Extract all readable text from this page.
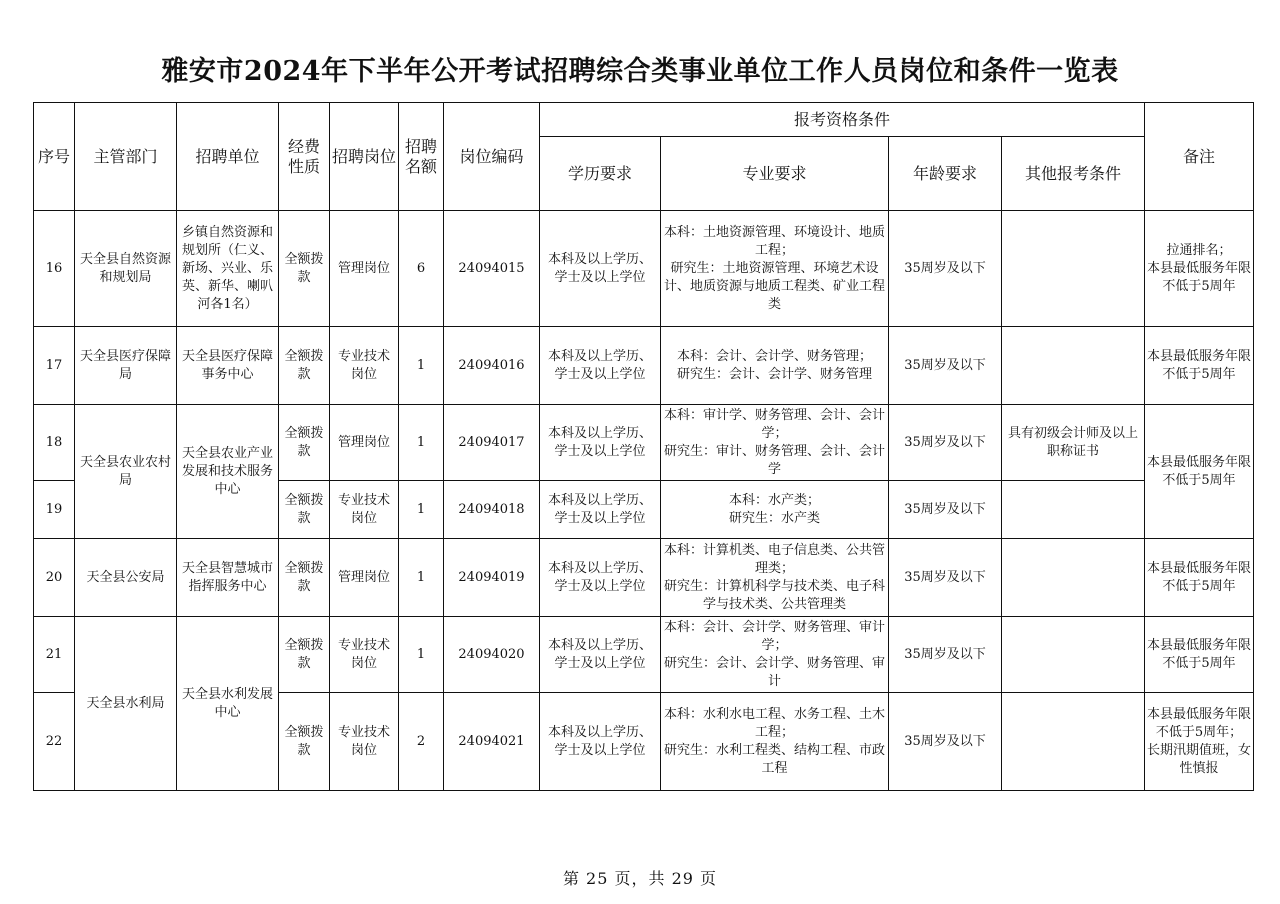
雅安市2024年下半年公开考试招聘综合类事业单位工作人员岗位和条件一览表
序号	主管部门	招聘单位	经费性质	招聘岗位	招聘名额	岗位编码	报考资格条件				备注
							学历要求	专业要求	年龄要求	其他报考条件	
16	天全县自然资源和规划局	乡镇自然资源和规划所（仁义、新场、兴业、乐英、新华、喇叭河各1名）	全额拨款	管理岗位	6	24094015	本科及以上学历、学士及以上学位	本科：土地资源管理、环境设计、地质工程；
研究生：土地资源管理、环境艺术设计、地质资源与地质工程类、矿业工程类	35周岁及以下		拉通排名；
本县最低服务年限不低于5周年
17	天全县医疗保障局	天全县医疗保障事务中心	全额拨款	专业技术岗位	1	24094016	本科及以上学历、学士及以上学位	本科：会计、会计学、财务管理；
研究生：会计、会计学、财务管理	35周岁及以下		本县最低服务年限不低于5周年
18	天全县农业农村局	天全县农业产业发展和技术服务中心	全额拨款	管理岗位	1	24094017	本科及以上学历、学士及以上学位	本科：审计学、财务管理、会计、会计学；
研究生：审计、财务管理、会计、会计学	35周岁及以下	具有初级会计师及以上职称证书	本县最低服务年限不低于5周年
19			全额拨款	专业技术岗位	1	24094018	本科及以上学历、学士及以上学位	本科：水产类；
研究生：水产类	35周岁及以下		
20	天全县公安局	天全县智慧城市指挥服务中心	全额拨款	管理岗位	1	24094019	本科及以上学历、学士及以上学位	本科：计算机类、电子信息类、公共管理类；
研究生：计算机科学与技术类、电子科学与技术类、公共管理类	35周岁及以下		本县最低服务年限不低于5周年
21	天全县水利局	天全县水利发展中心	全额拨款	专业技术岗位	1	24094020	本科及以上学历、学士及以上学位	本科：会计、会计学、财务管理、审计学；
研究生：会计、会计学、财务管理、审计	35周岁及以下		本县最低服务年限不低于5周年
22			全额拨款	专业技术岗位	2	24094021	本科及以上学历、学士及以上学位	本科：水利水电工程、水务工程、土木工程；
研究生：水利工程类、结构工程、市政工程	35周岁及以下		本县最低服务年限不低于5周年；
长期汛期值班，女性慎报
第 25 页，共 29 页
